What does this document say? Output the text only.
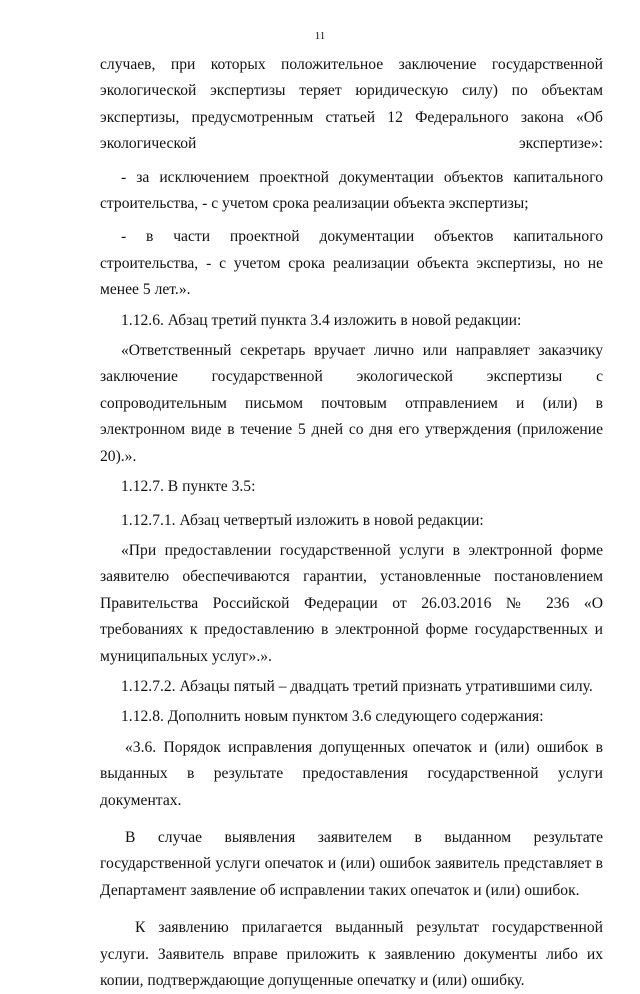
11

случаев, при которых положительное заключение государственной экологической экспертизы теряет юридическую силу) по объектам экспертизы, предусмотренным статьей 12 Федерального закона «Об экологической экспертизе»:

- за исключением проектной документации объектов капитального строительства, - с учетом срока реализации объекта экспертизы;

- в части проектной документации объектов капитального строительства, - с учетом срока реализации объекта экспертизы, но не менее 5 лет.».

1.12.6. Абзац третий пункта 3.4 изложить в новой редакции:

«Ответственный секретарь вручает лично или направляет заказчику заключение государственной экологической экспертизы с сопроводительным письмом почтовым отправлением и (или) в электронном виде в течение 5 дней со дня его утверждения (приложение 20).».

1.12.7. В пункте 3.5:

1.12.7.1. Абзац четвертый изложить в новой редакции:

«При предоставлении государственной услуги в электронной форме заявителю обеспечиваются гарантии, установленные постановлением Правительства Российской Федерации от 26.03.2016 № 236 «О требованиях к предоставлению в электронной форме государственных и муниципальных услуг».».

1.12.7.2. Абзацы пятый – двадцать третий признать утратившими силу.

1.12.8. Дополнить новым пунктом 3.6 следующего содержания:

«3.6. Порядок исправления допущенных опечаток и (или) ошибок в выданных в результате предоставления государственной услуги документах.

В случае выявления заявителем в выданном результате государственной услуги опечаток и (или) ошибок заявитель представляет в Департамент заявление об исправлении таких опечаток и (или) ошибок.

К заявлению прилагается выданный результат государственной услуги. Заявитель вправе приложить к заявлению документы либо их копии, подтверждающие допущенные опечатку и (или) ошибку.
